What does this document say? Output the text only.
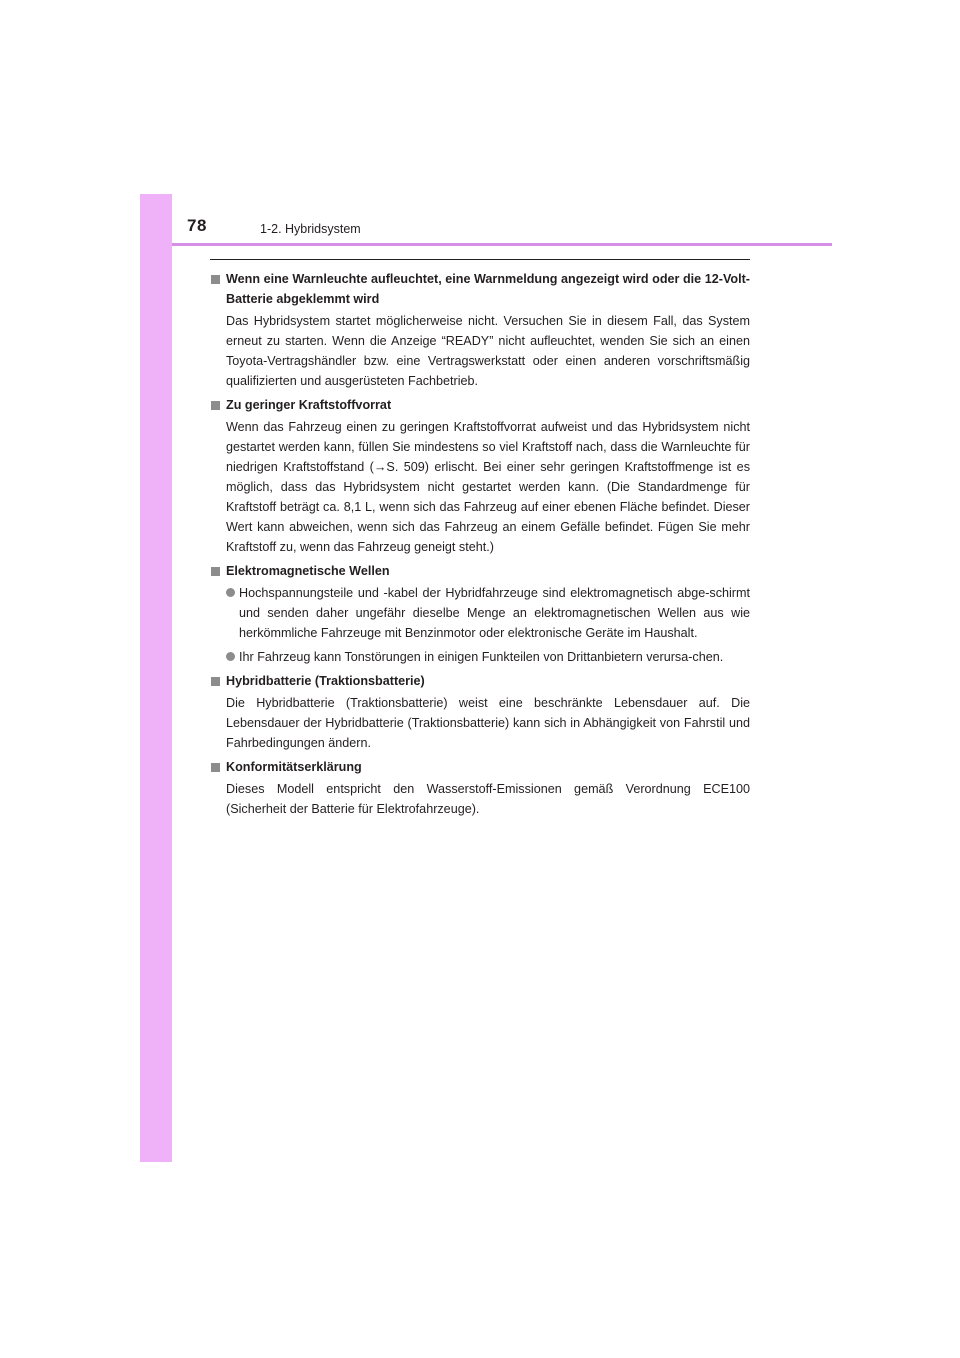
78	1-2. Hybridsystem
Wenn eine Warnleuchte aufleuchtet, eine Warnmeldung angezeigt wird oder die 12-Volt-Batterie abgeklemmt wird
Das Hybridsystem startet möglicherweise nicht. Versuchen Sie in diesem Fall, das System erneut zu starten. Wenn die Anzeige “READY” nicht aufleuchtet, wenden Sie sich an einen Toyota-Vertragshändler bzw. eine Vertragswerkstatt oder einen anderen vorschriftsmäßig qualifizierten und ausgerüsteten Fachbetrieb.
Zu geringer Kraftstoffvorrat
Wenn das Fahrzeug einen zu geringen Kraftstoffvorrat aufweist und das Hybridsystem nicht gestartet werden kann, füllen Sie mindestens so viel Kraftstoff nach, dass die Warnleuchte für niedrigen Kraftstoffstand (→S. 509) erlischt. Bei einer sehr geringen Kraftstoffmenge ist es möglich, dass das Hybridsystem nicht gestartet werden kann. (Die Standardmenge für Kraftstoff beträgt ca. 8,1 L, wenn sich das Fahrzeug auf einer ebenen Fläche befindet. Dieser Wert kann abweichen, wenn sich das Fahrzeug an einem Gefälle befindet. Fügen Sie mehr Kraftstoff zu, wenn das Fahrzeug geneigt steht.)
Elektromagnetische Wellen
Hochspannungsteile und -kabel der Hybridfahrzeuge sind elektromagnetisch abge-schirmt und senden daher ungefähr dieselbe Menge an elektromagnetischen Wellen aus wie herkömmliche Fahrzeuge mit Benzinmotor oder elektronische Geräte im Haushalt.
Ihr Fahrzeug kann Tonstörungen in einigen Funkteilen von Drittanbietern verursa-chen.
Hybridbatterie (Traktionsbatterie)
Die Hybridbatterie (Traktionsbatterie) weist eine beschränkte Lebensdauer auf. Die Lebensdauer der Hybridbatterie (Traktionsbatterie) kann sich in Abhängigkeit von Fahrstil und Fahrbedingungen ändern.
Konformitätserklärung
Dieses Modell entspricht den Wasserstoff-Emissionen gemäß Verordnung ECE100 (Sicherheit der Batterie für Elektrofahrzeuge).
